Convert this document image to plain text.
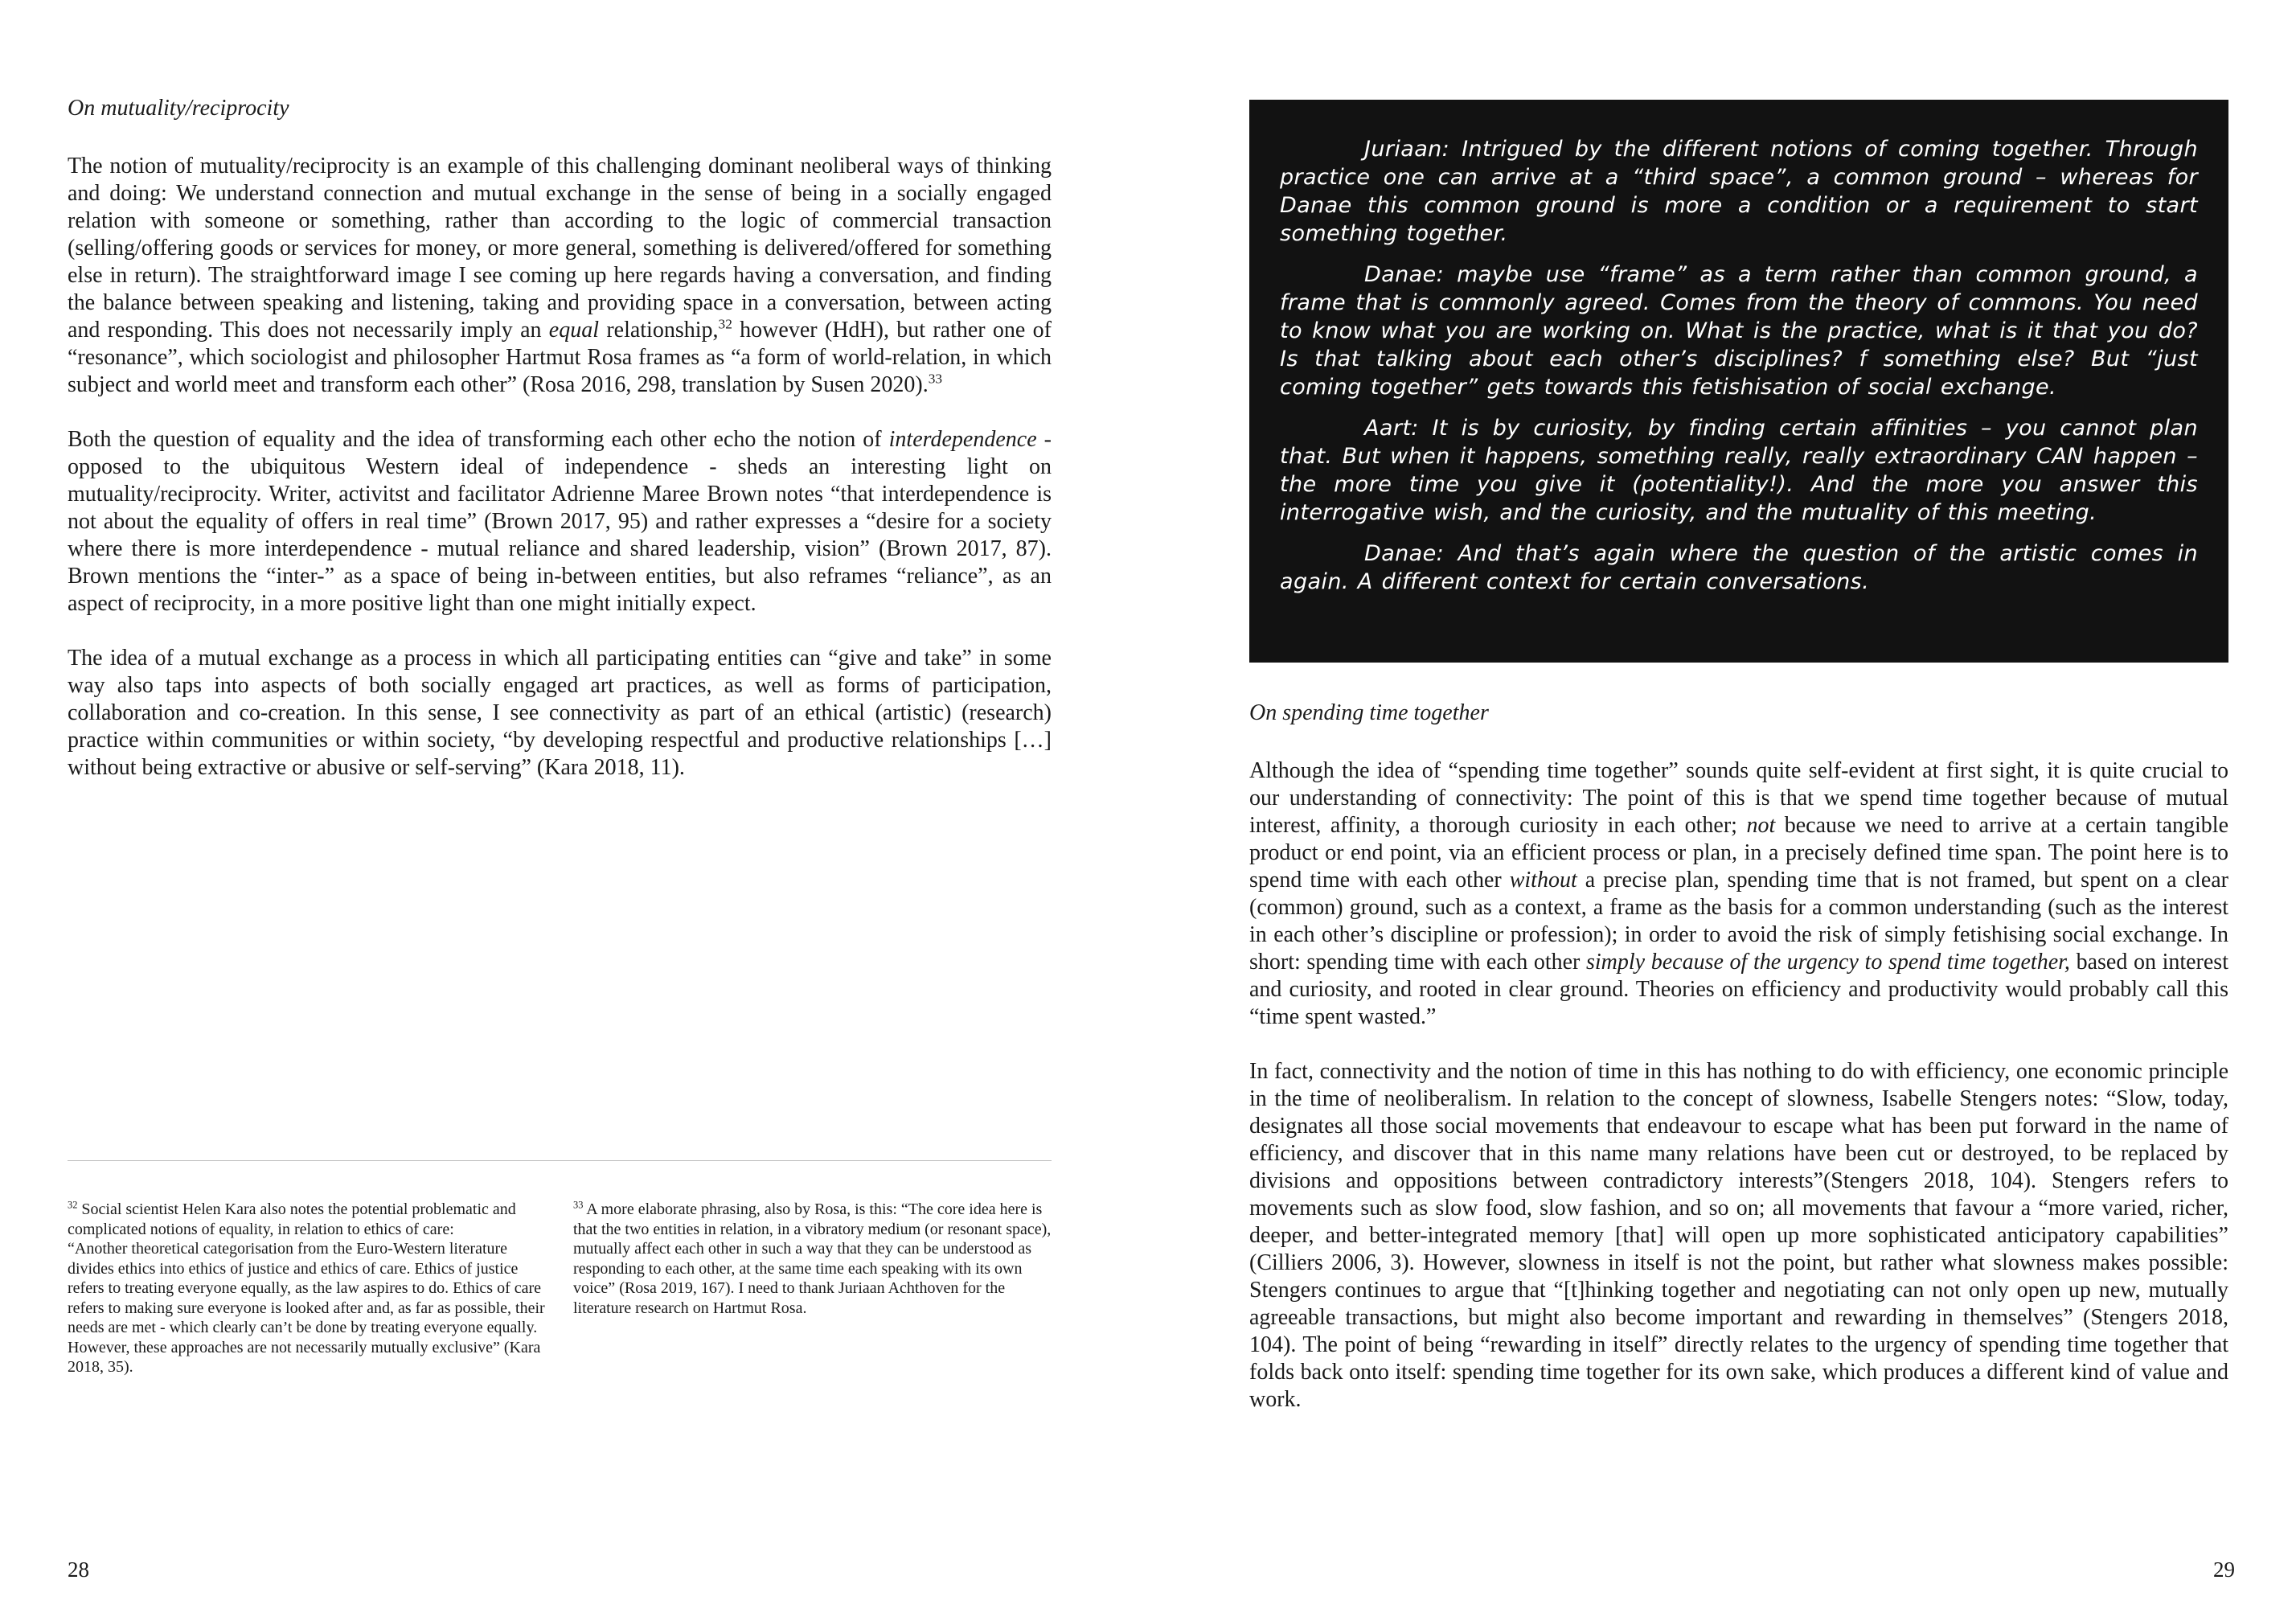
On mutuality/reciprocity

The notion of mutuality/reciprocity is an example of this challenging dominant neoliberal ways of thinking and doing: We understand connection and mutual exchange in the sense of being in a socially engaged relation with someone or something, rather than according to the logic of commercial transaction (selling/offering goods or services for money, or more general, something is delivered/offered for something else in return). The straightforward image I see coming up here regards having a conversation, and finding the balance between speaking and listening, taking and providing space in a conversation, between acting and responding. This does not necessarily imply an equal relationship,$^{32}$ however (HdH), but rather one of “resonance”, which sociologist and philosopher Hartmut Rosa frames as “a form of world-relation, in which subject and world meet and transform each other” (Rosa 2016, 298, translation by Susen 2020).$^{33}$

Both the question of equality and the idea of transforming each other echo the notion of interdependence - opposed to the ubiquitous Western ideal of independence - sheds an interesting light on mutuality/reciprocity. Writer, activitst and facilitator Adrienne Maree Brown notes “that interdependence is not about the equality of offers in real time” (Brown 2017, 95) and rather expresses a “desire for a society where there is more interdependence - mutual reliance and shared leadership, vision” (Brown 2017, 87). Brown mentions the “inter-” as a space of being in-between entities, but also reframes “reliance”, as an aspect of reciprocity, in a more positive light than one might initially expect.

The idea of a mutual exchange as a process in which all participating entities can “give and take” in some way also taps into aspects of both socially engaged art practices, as well as forms of participation, collaboration and co-creation. In this sense, I see connectivity as part of an ethical (artistic) (research) practice within communities or within society, “by developing respectful and productive relationships […] without being extractive or abusive or self-serving” (Kara 2018, 11).

$^{32}$ Social scientist Helen Kara also notes the potential problematic and complicated notions of equality, in relation to ethics of care:

“Another theoretical categorisation from the Euro-Western literature divides ethics into ethics of justice and ethics of care. Ethics of justice refers to treating everyone equally, as the law aspires to do. Ethics of care refers to making sure everyone is looked after and, as far as possible, their needs are met - which clearly can’t be done by treating everyone equally. However, these approaches are not necessarily mutually exclusive” (Kara 2018, 35).

$^{33}$ A more elaborate phrasing, also by Rosa, is this: “The core idea here is that the two entities in relation, in a vibratory medium (or resonant space), mutually affect each other in such a way that they can be understood as responding to each other, at the same time each speaking with its own voice” (Rosa 2019, 167). I need to thank Juriaan Achthoven for the literature research on Hartmut Rosa.

28

Juriaan: Intrigued by the different notions of coming together. Through practice one can arrive at a “third space”, a common ground – whereas for Danae this common ground is more a condition or a requirement to start something together.

Danae: maybe use “frame” as a term rather than common ground, a frame that is commonly agreed. Comes from the theory of commons. You need to know what you are working on. What is the practice, what is it that you do? Is that talking about each other’s disciplines? f something else? But “just coming together” gets towards this fetishisation of social exchange.

Aart: It is by curiosity, by finding certain affinities – you cannot plan that. But when it happens, something really, really extraordinary CAN happen – the more time you give it (potentiality!). And the more you answer this interrogative wish, and the curiosity, and the mutuality of this meeting.

Danae: And that’s again where the question of the artistic comes in again. A different context for certain conversations.

On spending time together

Although the idea of “spending time together” sounds quite self-evident at first sight, it is quite crucial to our understanding of connectivity: The point of this is that we spend time together because of mutual interest, affinity, a thorough curiosity in each other; not because we need to arrive at a certain tangible product or end point, via an efficient process or plan, in a precisely defined time span. The point here is to spend time with each other without a precise plan, spending time that is not framed, but spent on a clear (common) ground, such as a context, a frame as the basis for a common understanding (such as the interest in each other’s discipline or profession); in order to avoid the risk of simply fetishising social exchange. In short: spending time with each other simply because of the urgency to spend time together, based on interest and curiosity, and rooted in clear ground. Theories on efficiency and productivity would probably call this “time spent wasted.”

In fact, connectivity and the notion of time in this has nothing to do with efficiency, one economic principle in the time of neoliberalism. In relation to the concept of slowness, Isabelle Stengers notes: “Slow, today, designates all those social movements that endeavour to escape what has been put forward in the name of efficiency, and discover that in this name many relations have been cut or destroyed, to be replaced by divisions and oppositions between contradictory interests”(Stengers 2018, 104). Stengers refers to movements such as slow food, slow fashion, and so on; all movements that favour a “more varied, richer, deeper, and better-integrated memory [that] will open up more sophisticated anticipatory capabilities” (Cilliers 2006, 3). However, slowness in itself is not the point, but rather what slowness makes possible: Stengers continues to argue that “[t]hinking together and negotiating can not only open up new, mutually agreeable transactions, but might also become important and rewarding in themselves” (Stengers 2018, 104). The point of being “rewarding in itself” directly relates to the urgency of spending time together that folds back onto itself: spending time together for its own sake, which produces a different kind of value and work.

29
